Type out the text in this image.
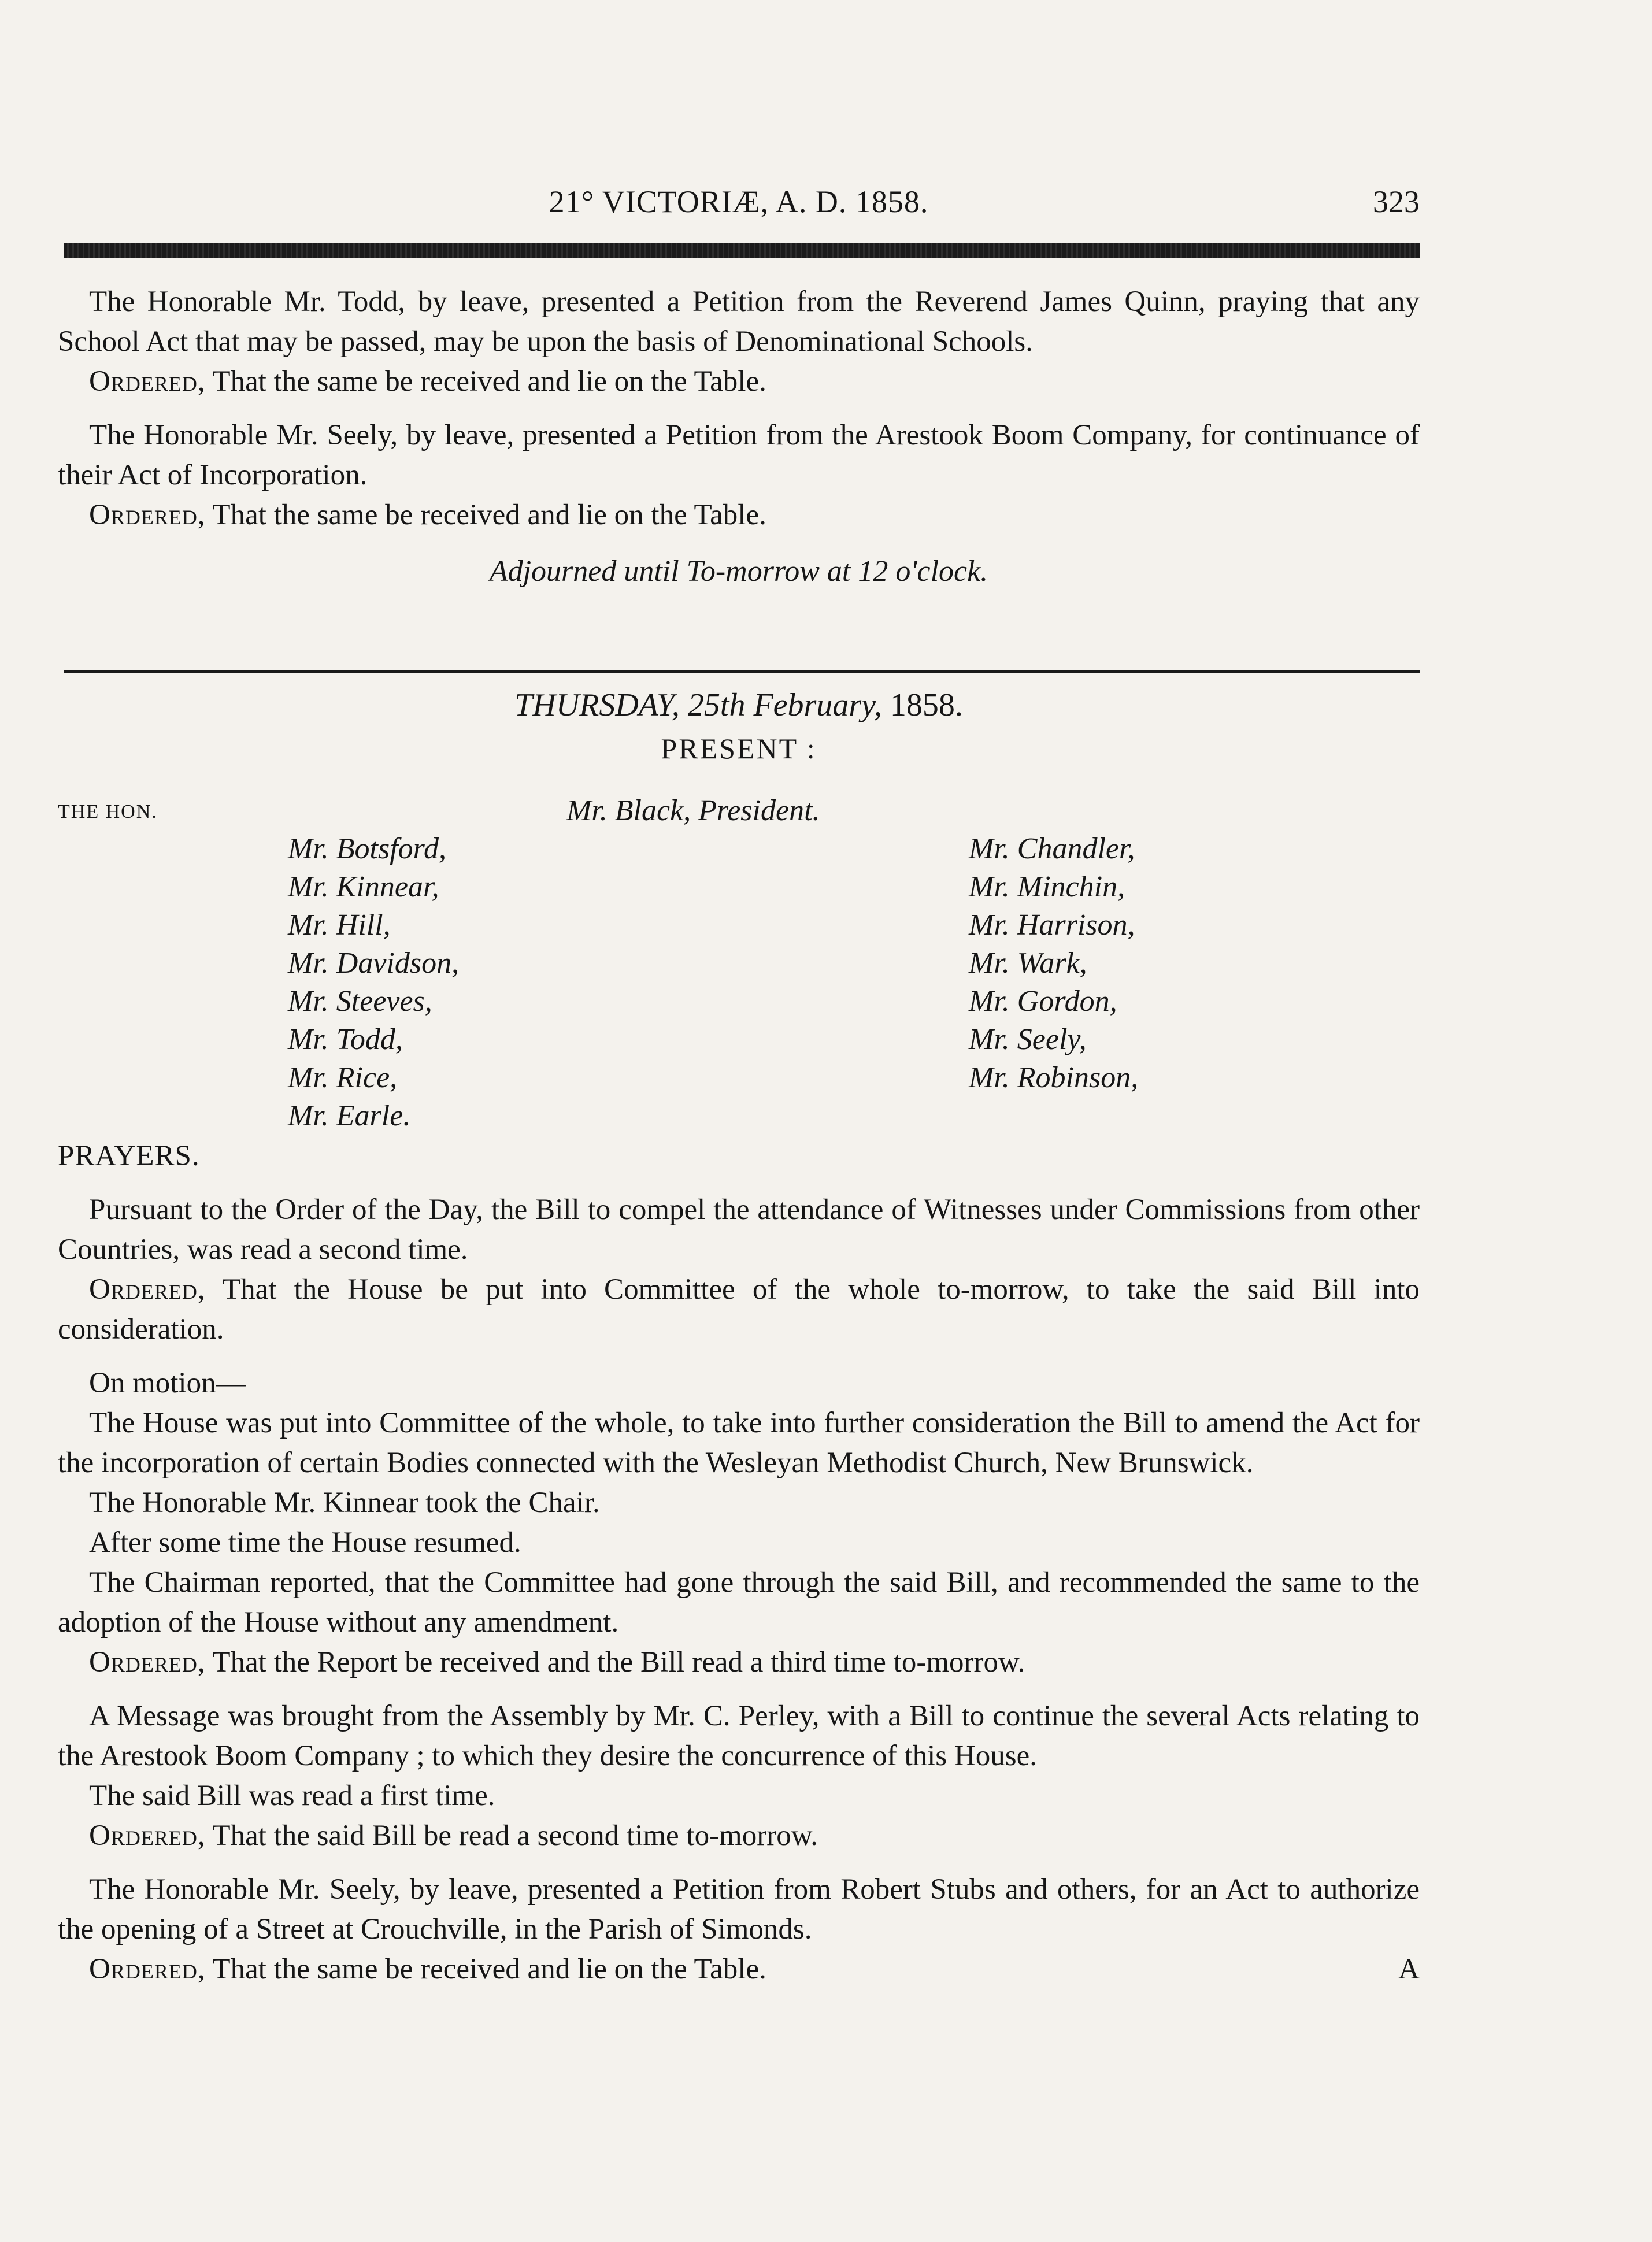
21° VICTORIÆ, A. D. 1858.	323

The Honorable Mr. Todd, by leave, presented a Petition from the Reverend James Quinn, praying that any School Act that may be passed, may be upon the basis of Denominational Schools.

Ordered, That the same be received and lie on the Table.

The Honorable Mr. Seely, by leave, presented a Petition from the Arestook Boom Company, for continuance of their Act of Incorporation.

Ordered, That the same be received and lie on the Table.

Adjourned until To-morrow at 12 o'clock.

THURSDAY, 25th February, 1858.
PRESENT :
THE HON.	Mr. Black, President.
Mr. Botsford,
Mr. Kinnear,
Mr. Hill,
Mr. Davidson,
Mr. Steeves,
Mr. Todd,
Mr. Rice,
Mr. Earle.
Mr. Chandler,
Mr. Minchin,
Mr. Harrison,
Mr. Wark,
Mr. Gordon,
Mr. Seely,
Mr. Robinson,

PRAYERS.

Pursuant to the Order of the Day, the Bill to compel the attendance of Witnesses under Commissions from other Countries, was read a second time.

Ordered, That the House be put into Committee of the whole to-morrow, to take the said Bill into consideration.

On motion—

The House was put into Committee of the whole, to take into further consideration the Bill to amend the Act for the incorporation of certain Bodies connected with the Wesleyan Methodist Church, New Brunswick.

The Honorable Mr. Kinnear took the Chair.

After some time the House resumed.

The Chairman reported, that the Committee had gone through the said Bill, and recommended the same to the adoption of the House without any amendment.

Ordered, That the Report be received and the Bill read a third time to-morrow.

A Message was brought from the Assembly by Mr. C. Perley, with a Bill to continue the several Acts relating to the Arestook Boom Company ; to which they desire the concurrence of this House.

The said Bill was read a first time.

Ordered, That the said Bill be read a second time to-morrow.

The Honorable Mr. Seely, by leave, presented a Petition from Robert Stubs and others, for an Act to authorize the opening of a Street at Crouchville, in the Parish of Simonds.

Ordered, That the same be received and lie on the Table.	A
